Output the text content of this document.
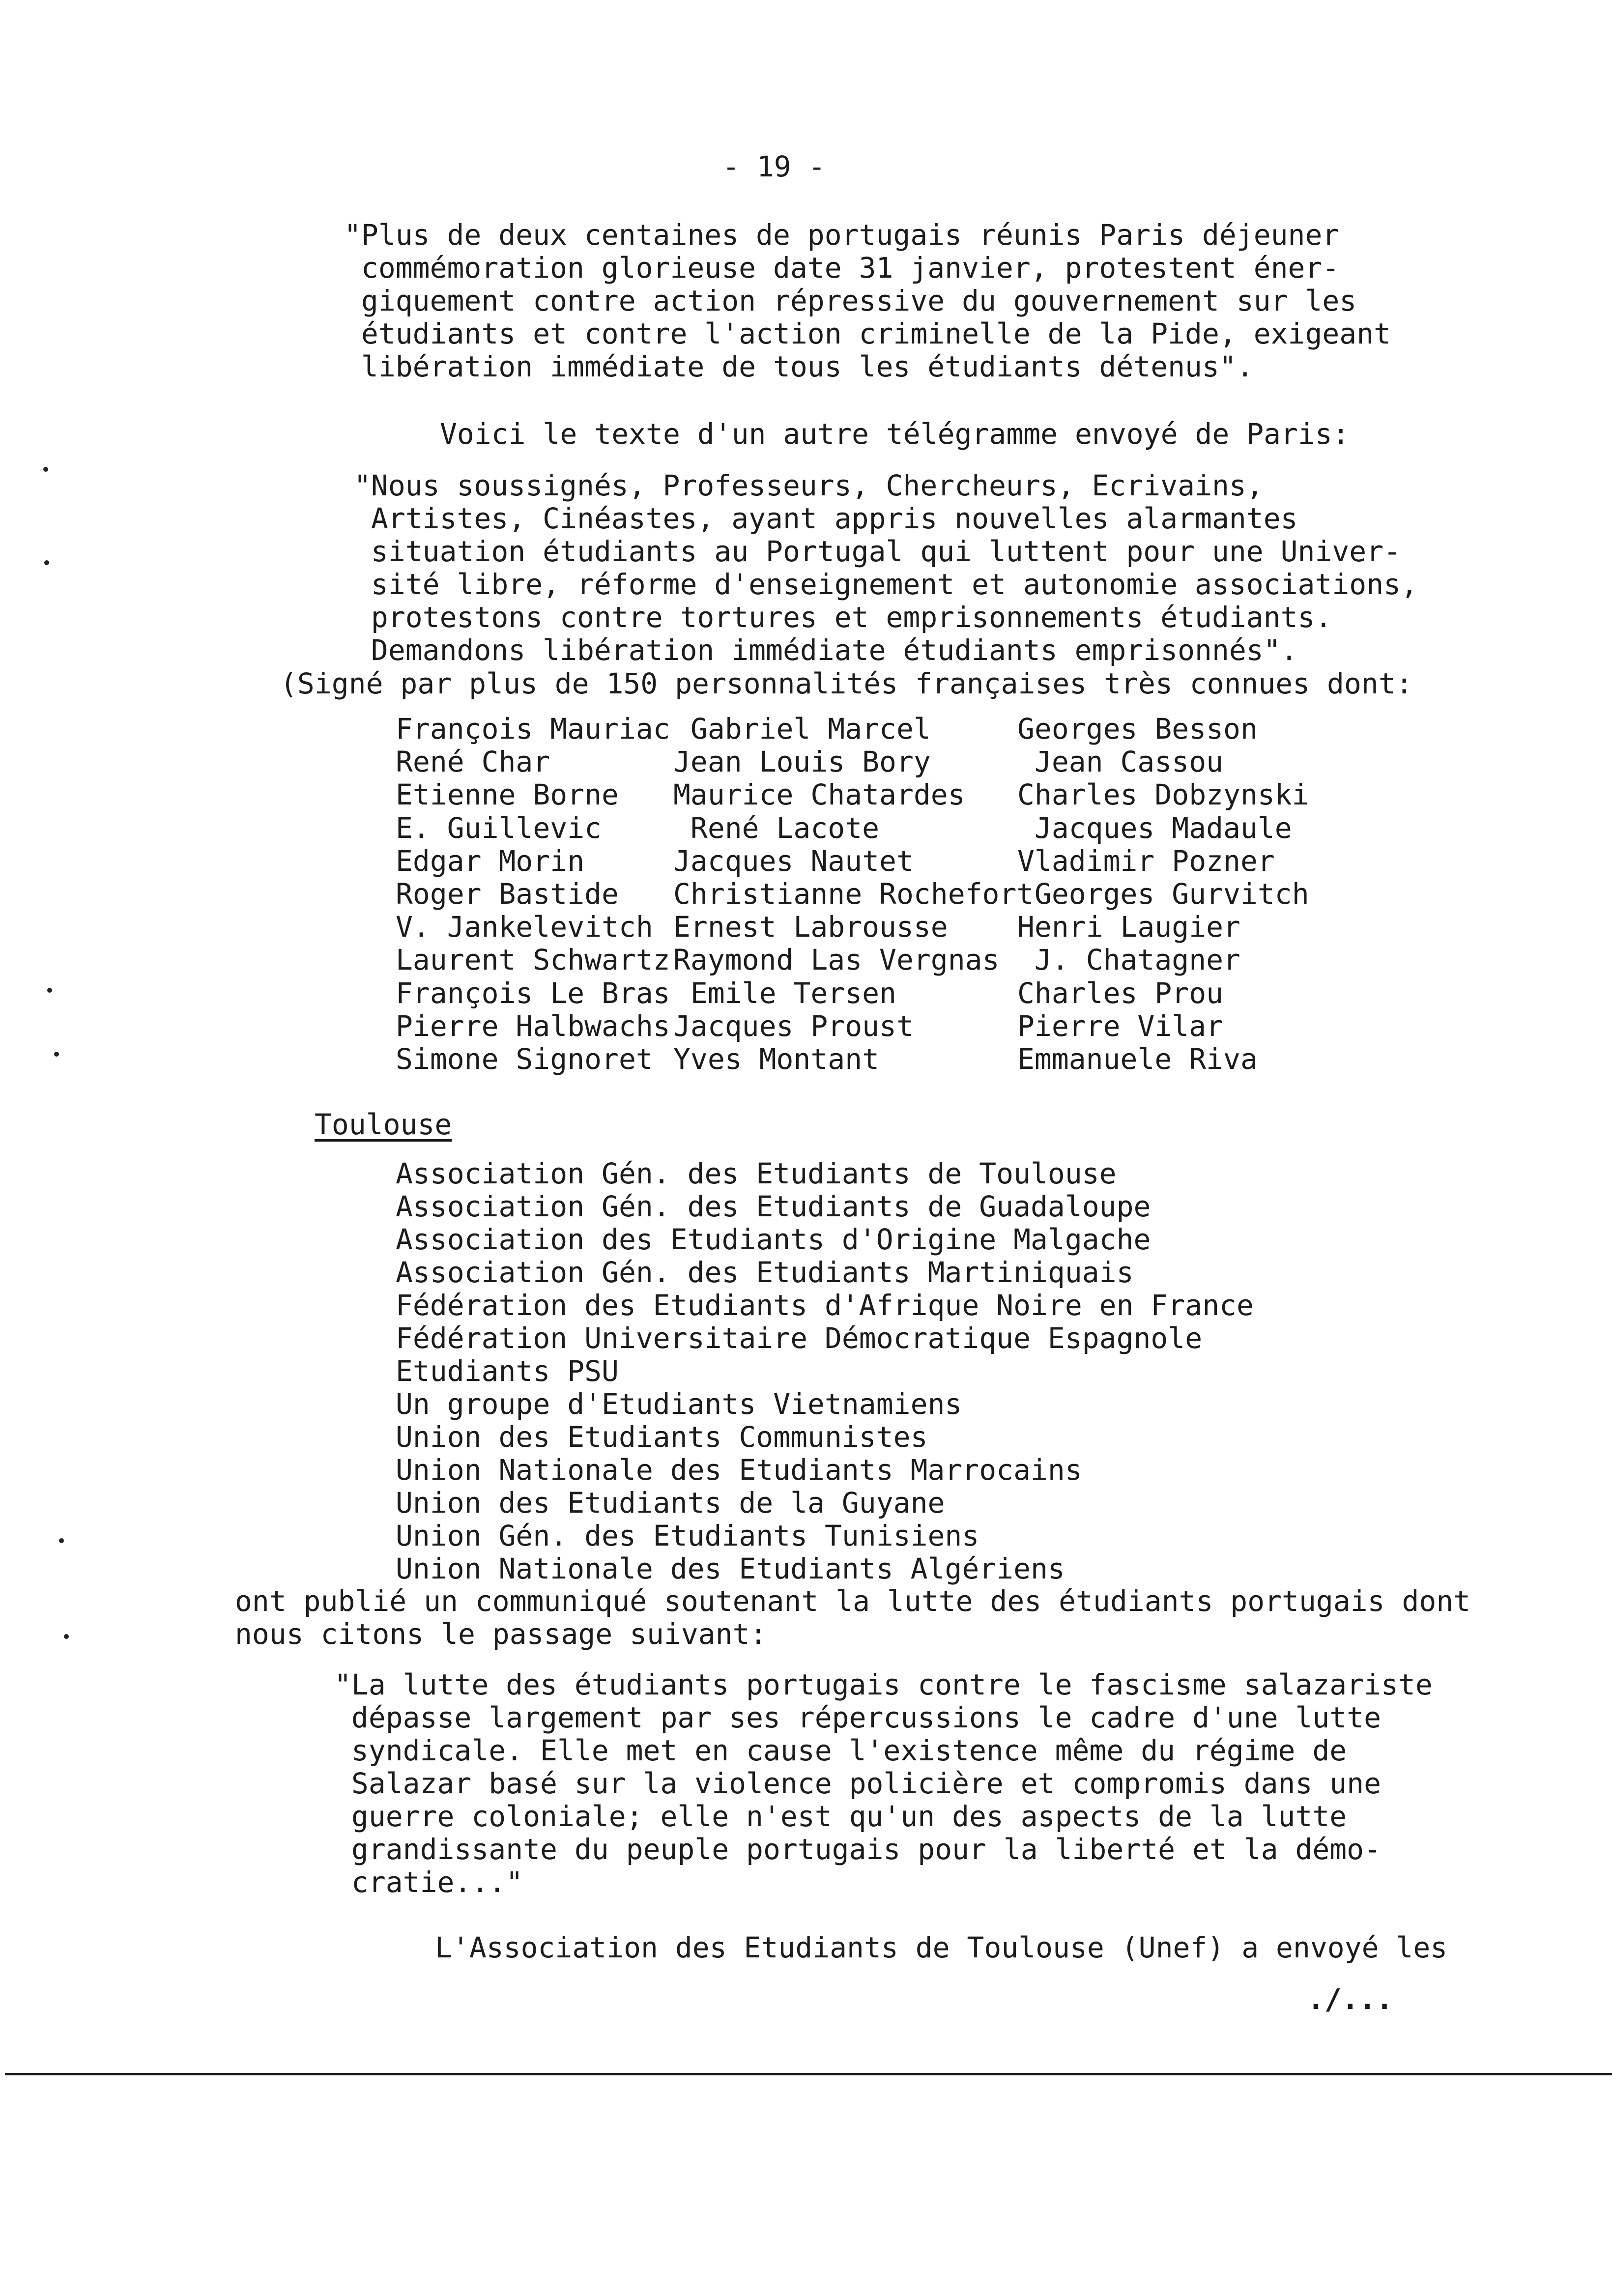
- 19 -
"Plus de deux centaines de portugais réunis Paris déjeuner
commémoration glorieuse date 31 janvier, protestent éner-
giquement contre action répressive du gouvernement sur les
étudiants et contre l'action criminelle de la Pide, exigeant
libération immédiate de tous les étudiants détenus".
Voici le texte d'un autre télégramme envoyé de Paris:
"Nous soussignés, Professeurs, Chercheurs, Ecrivains,
Artistes, Cinéastes, ayant appris nouvelles alarmantes
situation étudiants au Portugal qui luttent pour une Univer-
sité libre, réforme d'enseignement et autonomie associations,
protestons contre tortures et emprisonnements étudiants.
Demandons libération immédiate étudiants emprisonnés".
(Signé par plus de 150 personnalités françaises très connues dont:
François Mauriac
René Char
Etienne Borne
E. Guillevic
Edgar Morin
Roger Bastide
V. Jankelevitch
Laurent Schwartz
François Le Bras
Pierre Halbwachs
Simone Signoret
Gabriel Marcel
Jean Louis Bory
Maurice Chatardes
René Lacote
Jacques Nautet
Christianne Rochefort
Ernest Labrousse
Raymond Las Vergnas
Emile Tersen
Jacques Proust
Yves Montant
Georges Besson
Jean Cassou
Charles Dobzynski
Jacques Madaule
Vladimir Pozner
Georges Gurvitch
Henri Laugier
J. Chatagner
Charles Prou
Pierre Vilar
Emmanuele Riva
Toulouse
Association Gén. des Etudiants de Toulouse
Association Gén. des Etudiants de Guadaloupe
Association des Etudiants d'Origine Malgache
Association Gén. des Etudiants Martiniquais
Fédération des Etudiants d'Afrique Noire en France
Fédération Universitaire Démocratique Espagnole
Etudiants PSU
Un groupe d'Etudiants Vietnamiens
Union des Etudiants Communistes
Union Nationale des Etudiants Marrocains
Union des Etudiants de la Guyane
Union Gén. des Etudiants Tunisiens
Union Nationale des Etudiants Algériens
ont publié un communiqué soutenant la lutte des étudiants portugais dont
nous citons le passage suivant:
"La lutte des étudiants portugais contre le fascisme salazariste
dépasse largement par ses répercussions le cadre d'une lutte
syndicale. Elle met en cause l'existence même du régime de
Salazar basé sur la violence policière et compromis dans une
guerre coloniale; elle n'est qu'un des aspects de la lutte
grandissante du peuple portugais pour la liberté et la démo-
cratie..."
L'Association des Etudiants de Toulouse (Unef) a envoyé les
./...
